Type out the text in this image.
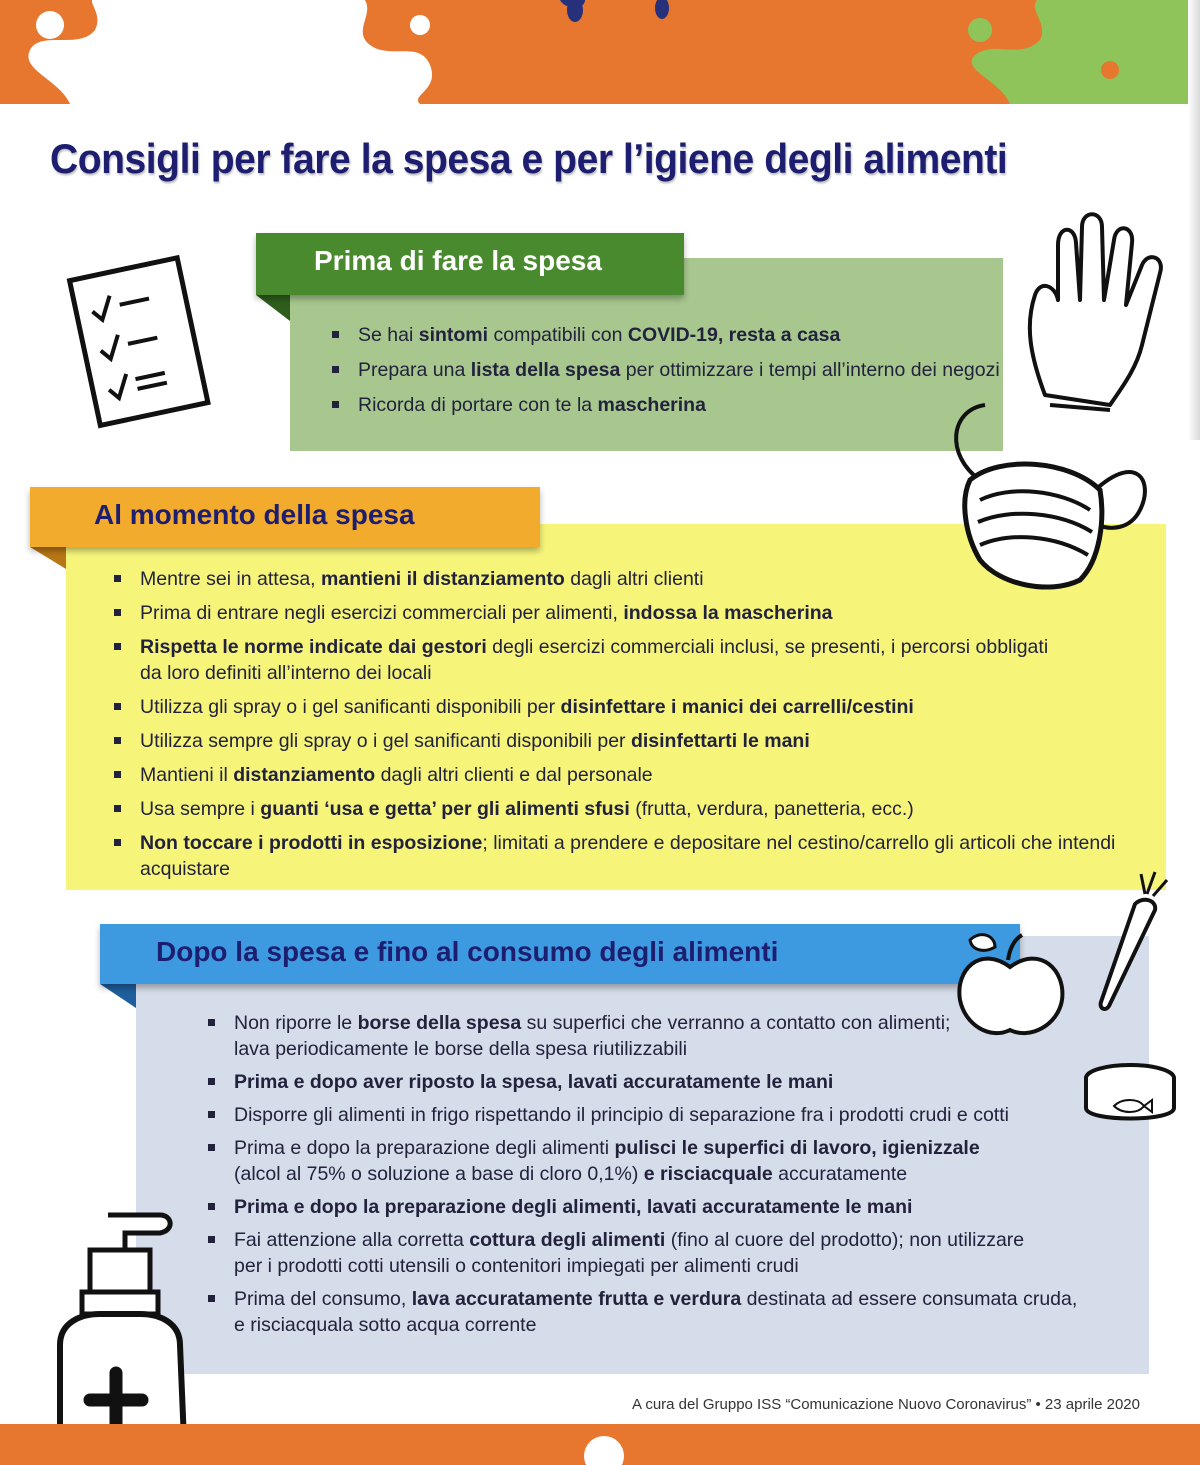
Consigli per fare la spesa e per l’igiene degli alimenti
Prima di fare la spesa
Se hai sintomi compatibili con COVID-19, resta a casa
Prepara una lista della spesa per ottimizzare i tempi all’interno dei negozi
Ricorda di portare con te la mascherina
Al momento della spesa
Mentre sei in attesa, mantieni il distanziamento dagli altri clienti
Prima di entrare negli esercizi commerciali per alimenti, indossa la mascherina
Rispetta le norme indicate dai gestori degli esercizi commerciali inclusi, se presenti, i percorsi obbligati
da loro definiti all’interno dei locali
Utilizza gli spray o i gel sanificanti disponibili per disinfettare i manici dei carrelli/cestini
Utilizza sempre gli spray o i gel sanificanti disponibili per disinfettarti le mani
Mantieni il distanziamento dagli altri clienti e dal personale
Usa sempre i guanti ‘usa e getta’ per gli alimenti sfusi (frutta, verdura, panetteria, ecc.)
Non toccare i prodotti in esposizione; limitati a prendere e depositare nel cestino/carrello gli articoli che intendi acquistare
Dopo la spesa e fino al consumo degli alimenti
Non riporre le borse della spesa su superfici che verranno a contatto con alimenti;
lava periodicamente le borse della spesa riutilizzabili
Prima e dopo aver riposto la spesa, lavati accuratamente le mani
Disporre gli alimenti in frigo rispettando il principio di separazione fra i prodotti crudi e cotti
Prima e dopo la preparazione degli alimenti pulisci le superfici di lavoro, igienizzale
(alcol al 75% o soluzione a base di cloro 0,1%) e risciacquale accuratamente
Prima e dopo la preparazione degli alimenti, lavati accuratamente le mani
Fai attenzione alla corretta cottura degli alimenti (fino al cuore del prodotto); non utilizzare
per i prodotti cotti utensili o contenitori impiegati per alimenti crudi
Prima del consumo, lava accuratamente frutta e verdura destinata ad essere consumata cruda,
e risciacquala sotto acqua corrente
A cura del Gruppo ISS “Comunicazione Nuovo Coronavirus” • 23 aprile 2020
